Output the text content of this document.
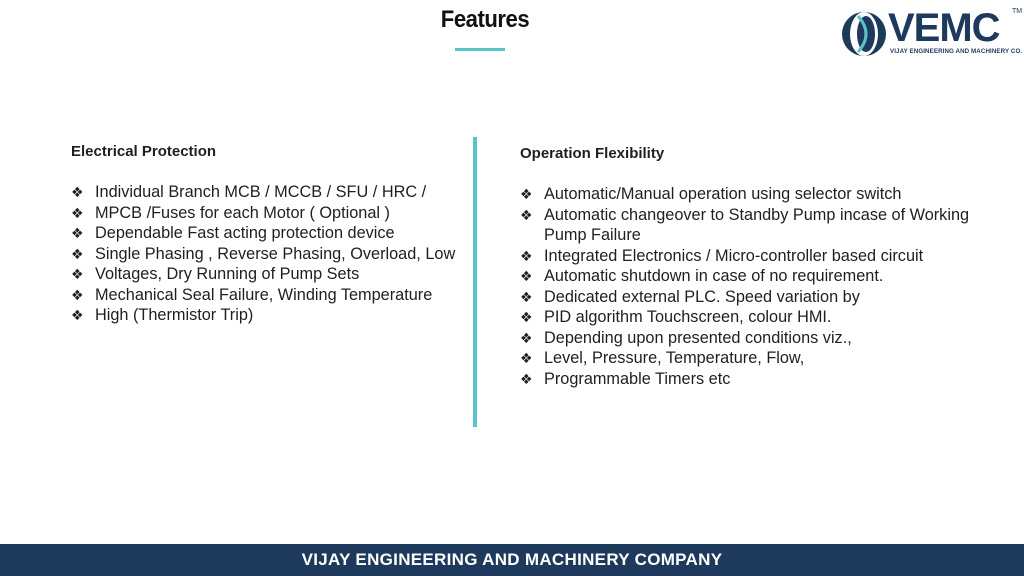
Features	VEMC TM
VIJAY ENGINEERING AND MACHINERY CO.
Electrical Protection
❖ Individual Branch MCB / MCCB / SFU / HRC /
❖ MPCB /Fuses for each Motor ( Optional )
❖ Dependable Fast acting protection device
❖ Single Phasing , Reverse Phasing, Overload, Low
❖ Voltages, Dry Running of Pump Sets
❖ Mechanical Seal Failure, Winding Temperature
❖ High (Thermistor Trip)
Operation Flexibility
❖ Automatic/Manual operation using selector switch
❖ Automatic changeover to Standby Pump incase of Working Pump Failure
❖ Integrated Electronics / Micro-controller based circuit
❖ Automatic shutdown in case of no requirement.
❖ Dedicated external PLC. Speed variation by
❖ PID algorithm Touchscreen, colour HMI.
❖ Depending upon presented conditions viz.,
❖ Level, Pressure, Temperature, Flow,
❖ Programmable Timers etc
VIJAY ENGINEERING AND MACHINERY COMPANY
